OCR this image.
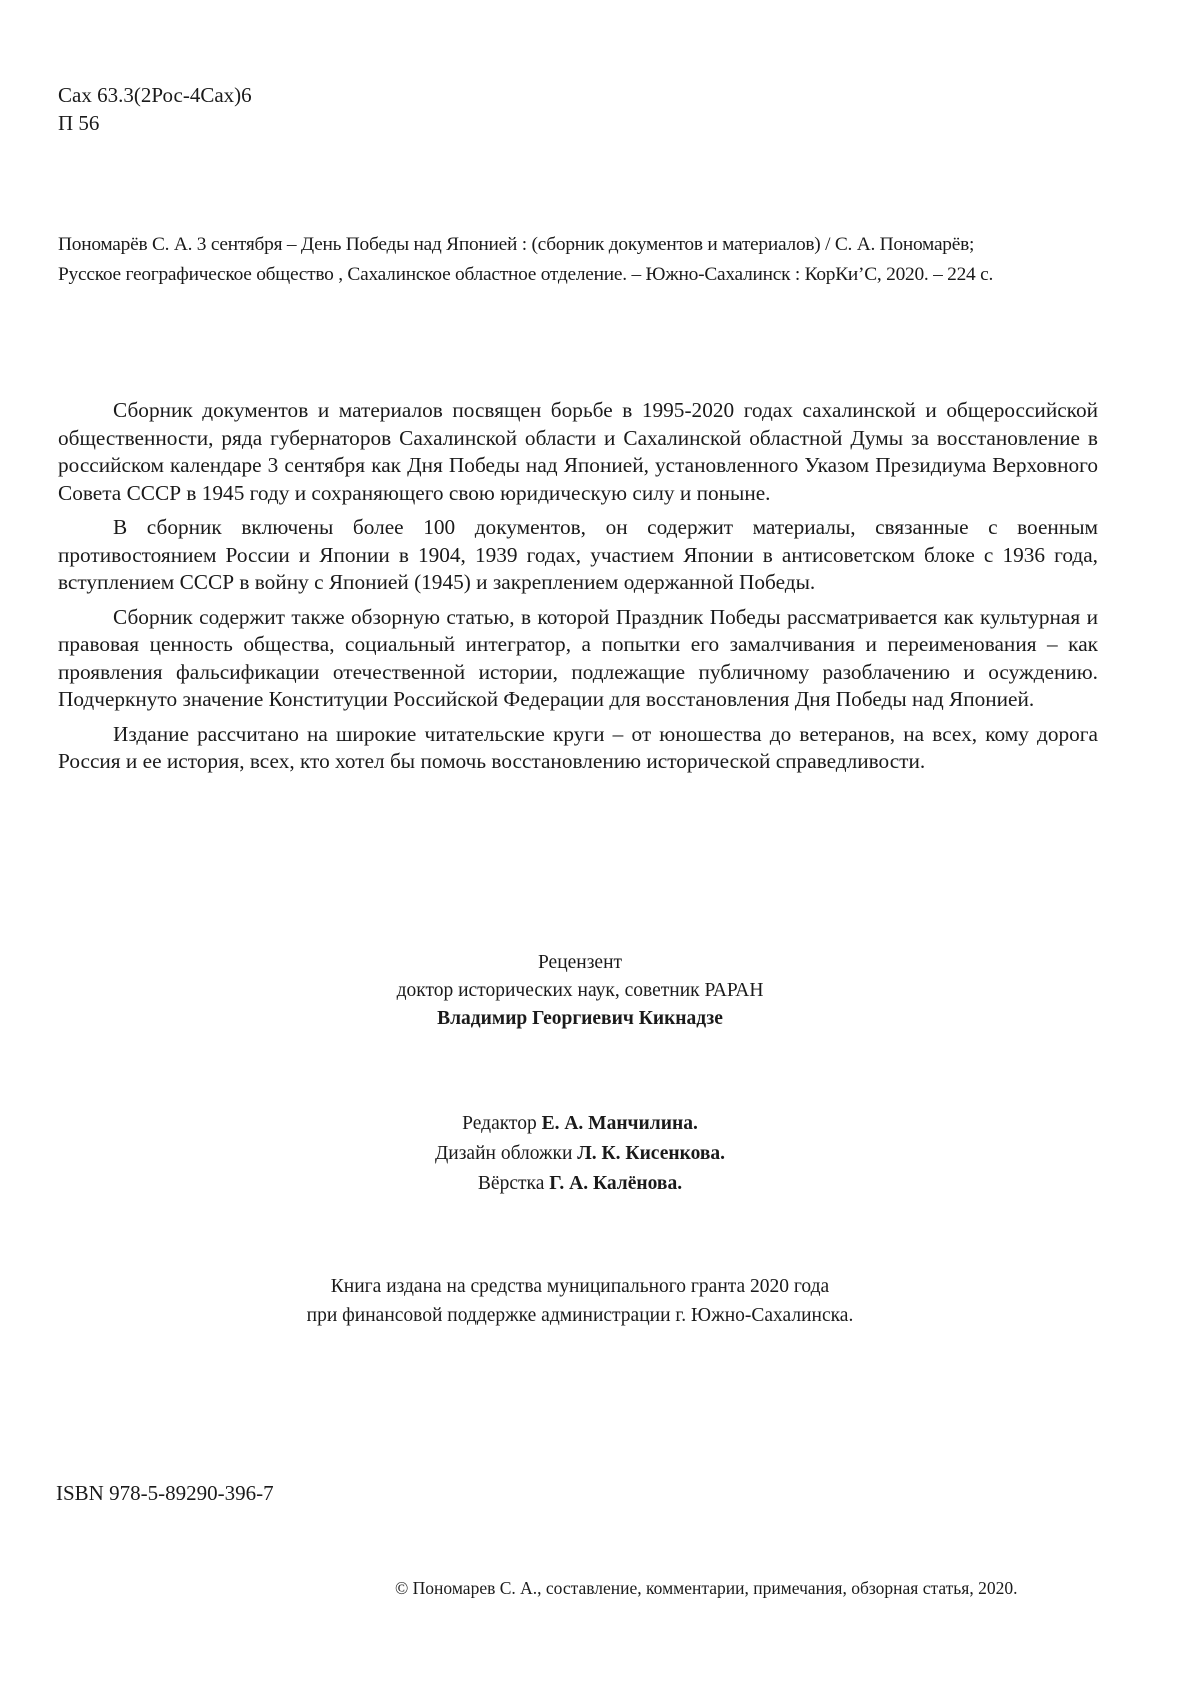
Сах 63.3(2Рос-4Сах)6
П 56
Пономарёв С. А. 3 сентября – День Победы над Японией : (сборник документов и материалов) / С. А. Пономарёв;
Русское географическое общество , Сахалинское областное отделение. – Южно-Сахалинск : КорКи’С, 2020. – 224 с.

Сборник документов и материалов посвящен борьбе в 1995-2020 годах сахалинской и общероссийской общественности, ряда губернаторов Сахалинской области и Сахалинской областной Думы за восстановление в российском календаре 3 сентября как Дня Победы над Японией, установленного Указом Президиума Верховного Совета СССР в 1945 году и сохраняющего свою юридическую силу и поныне.

В сборник включены более 100 документов, он содержит материалы, связанные с военным противостоянием России и Японии в 1904, 1939 годах, участием Японии в антисоветском блоке с 1936 года, вступлением СССР в войну с Японией (1945) и закреплением одержанной Победы.

Сборник содержит также обзорную статью, в которой Праздник Победы рассматривается как культурная и правовая ценность общества, социальный интегратор, а попытки его замалчивания и переименования – как проявления фальсификации отечественной истории, подлежащие публичному разоблачению и осуждению. Подчеркнуто значение Конституции Российской Федерации для восстановления Дня Победы над Японией.

Издание рассчитано на широкие читательские круги – от юношества до ветеранов, на всех, кому дорога Россия и ее история, всех, кто хотел бы помочь восстановлению исторической справедливости.

Рецензент
доктор исторических наук, советник РАРАН
Владимир Георгиевич Кикнадзе
Редактор Е. А. Манчилина.
Дизайн обложки Л. К. Кисенкова.
Вёрстка Г. А. Калёнова.
Книга издана на средства муниципального гранта 2020 года
при финансовой поддержке администрации г. Южно-Сахалинска.
ISBN 978-5-89290-396-7
© Пономарев С. А., составление, комментарии, примечания, обзорная статья, 2020.
